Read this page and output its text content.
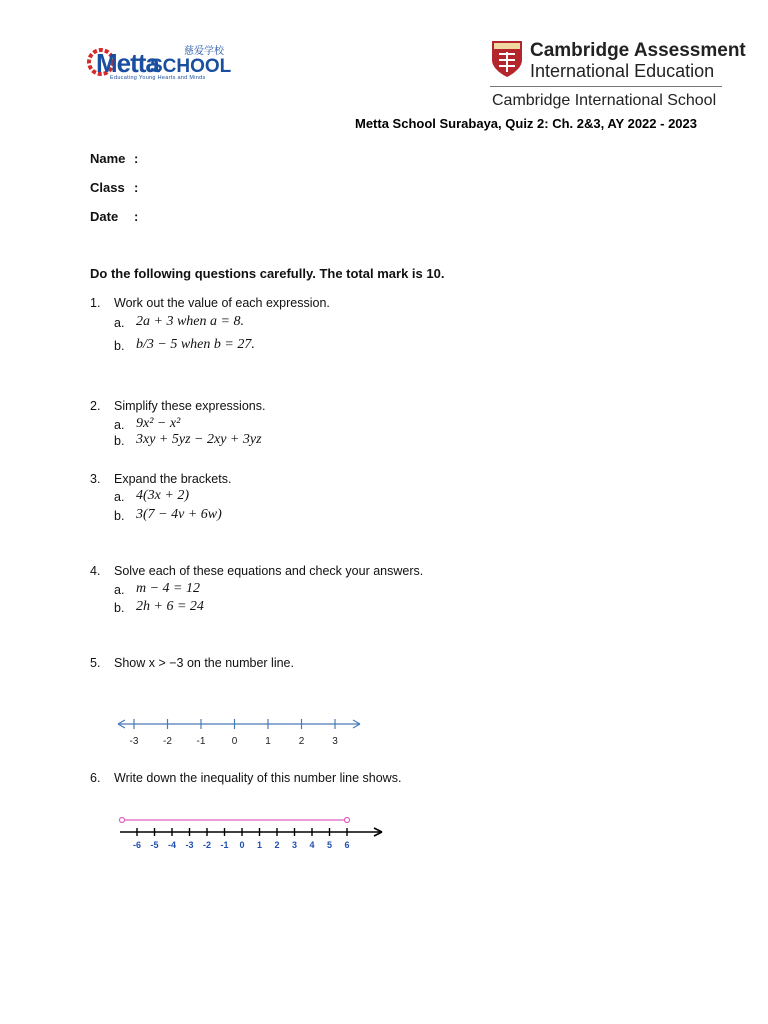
Metta
SCHOOL
慈爱学校
Educating Young Hearts and Minds
Cambridge Assessment
International Education
Cambridge International School
Metta School Surabaya, Quiz 2: Ch. 2&3, AY 2022 - 2023
Name :
Class :
Date :
Do the following questions carefully. The total mark is 10.
1. Work out the value of each expression.
a. 2a + 3 when a = 8.
b. b/3 − 5 when b = 27.
2. Simplify these expressions.
a. 9x² − x²
b. 3xy + 5yz − 2xy + 3yz
3. Expand the brackets.
a. 4(3x + 2)
b. 3(7 − 4v + 6w)
4. Solve each of these equations and check your answers.
a. m − 4 = 12
b. 2h + 6 = 24
5. Show x > −3 on the number line.
-3 -2 -1	0	1	2	3
6. Write down the inequality of this number line shows.
-6 -5 -4 -3 -2 -1 0 1 2 3 4 5 6
